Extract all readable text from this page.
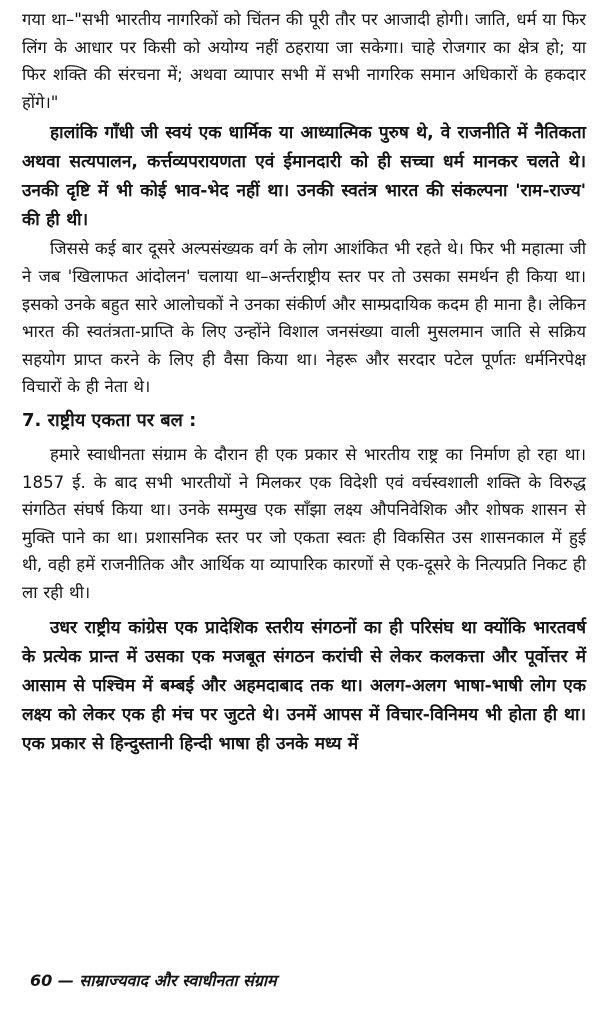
गया था–"सभी भारतीय नागरिकों को चिंतन की पूरी तौर पर आजादी होगी। जाति, धर्म या फिर लिंग के आधार पर किसी को अयोग्य नहीं ठहराया जा सकेगा। चाहे रोजगार का क्षेत्र हो; या फिर शक्ति की संरचना में; अथवा व्यापार सभी में सभी नागरिक समान अधिकारों के हकदार होंगे।"

हालांकि गाँधी जी स्वयं एक धार्मिक या आध्यात्मिक पुरुष थे, वे राजनीति में नैतिकता अथवा सत्यपालन, कर्त्तव्यपरायणता एवं ईमानदारी को ही सच्चा धर्म मानकर चलते थे। उनकी दृष्टि में भी कोई भाव-भेद नहीं था। उनकी स्वतंत्र भारत की संकल्पना 'राम-राज्य' की ही थी।

जिससे कई बार दूसरे अल्पसंख्यक वर्ग के लोग आशंकित भी रहते थे। फिर भी महात्मा जी ने जब 'खिलाफत आंदोलन' चलाया था–अर्न्तराष्ट्रीय स्तर पर तो उसका समर्थन ही किया था। इसको उनके बहुत सारे आलोचकों ने उनका संकीर्ण और साम्प्रदायिक कदम ही माना है। लेकिन भारत की स्वतंत्रता-प्राप्ति के लिए उन्होंने विशाल जनसंख्या वाली मुसलमान जाति से सक्रिय सहयोग प्राप्त करने के लिए ही वैसा किया था। नेहरू और सरदार पटेल पूर्णतः धर्मनिरपेक्ष विचारों के ही नेता थे।

7. राष्ट्रीय एकता पर बल :

हमारे स्वाधीनता संग्राम के दौरान ही एक प्रकार से भारतीय राष्ट्र का निर्माण हो रहा था। 1857 ई. के बाद सभी भारतीयों ने मिलकर एक विदेशी एवं वर्चस्वशाली शक्ति के विरुद्ध संगठित संघर्ष किया था। उनके सम्मुख एक साँझा लक्ष्य औपनिवेशिक और शोषक शासन से मुक्ति पाने का था। प्रशासनिक स्तर पर जो एकता स्वतः ही विकसित उस शासनकाल में हुई थी, वही हमें राजनीतिक और आर्थिक या व्यापारिक कारणों से एक-दूसरे के नित्यप्रति निकट ही ला रही थी।

उधर राष्ट्रीय कांग्रेस एक प्रादेशिक स्तरीय संगठनों का ही परिसंघ था क्योंकि भारतवर्ष के प्रत्येक प्रान्त में उसका एक मजबूत संगठन करांची से लेकर कलकत्ता और पूर्वोत्तर में आसाम से पश्चिम में बम्बई और अहमदाबाद तक था। अलग-अलग भाषा-भाषी लोग एक लक्ष्य को लेकर एक ही मंच पर जुटते थे। उनमें आपस में विचार-विनिमय भी होता ही था। एक प्रकार से हिन्दुस्तानी हिन्दी भाषा ही उनके मध्य में

60 — साम्राज्यवाद और स्वाधीनता संग्राम
